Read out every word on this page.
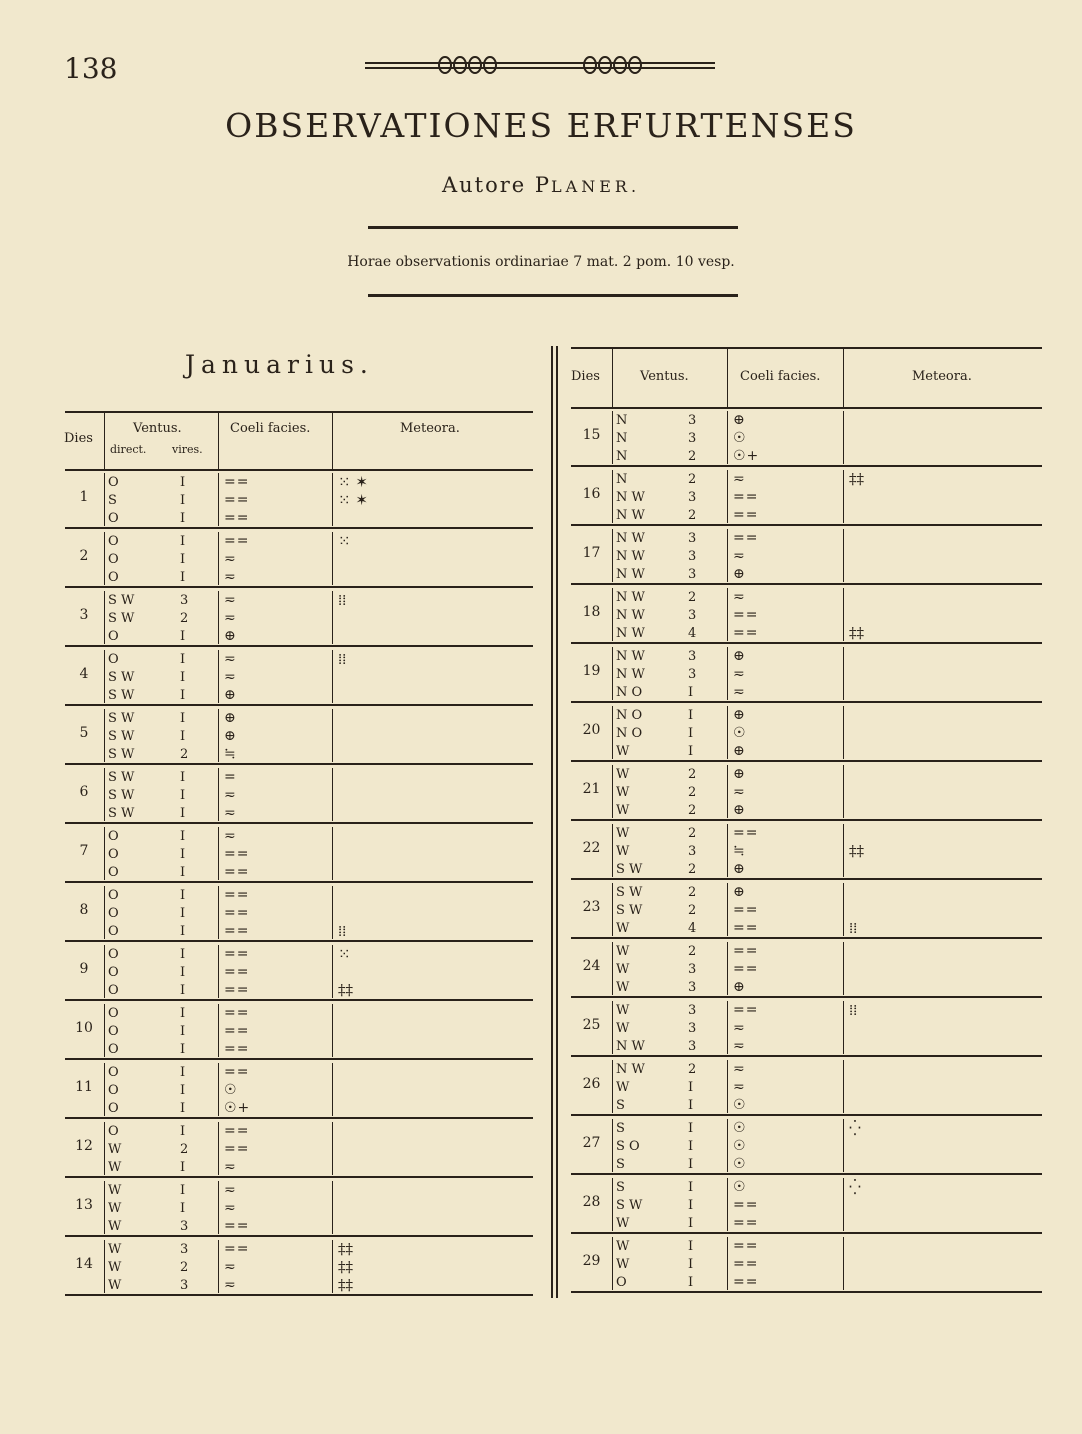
138
OBSERVATIONES ERFURTENSES
Autore PLANER.
Horae observationis ordinariae 7 mat. 2 pom. 10 vesp.
Januarius.
Dies
Ventus.
direct. vires.
Coeli facies.	Meteora.
1
O	I	==	⁙ ✶
S	I	==	⁙ ✶
O	I	==
2
O	I	==	⁙
O	I	≂
O	I	≂
3
S W	3	≂	⁞⁞
S W	2	≂
O	I	⊕
4
O	I	≂	⁞⁞
S W	I	≂
S W	I	⊕
5
S W	I	⊕
S W	I	⊕
S W	2	≒
6
S W	I	=
S W	I	≂
S W	I	≂
7
O	I	≂
O	I	==
O	I	==
8
O	I	==
O	I	==
O	I	==	⁞⁞
9
O	I	==	⁙
O	I	==
O	I	==	‡‡
10
O	I	==
O	I	==
O	I	==
11
O	I	==
O	I	☉
O	I	☉+
12
O	I	==
W	2	==
W	I	≂
13
W	I	≂
W	I	≂
W	3	==
14
W	3	==	‡‡
W	2	≂	‡‡
W	3	≂	‡‡
Dies	Ventus.	Coeli facies.	Meteora.
15
N	3	⊕
N	3	☉
N	2	☉+
16
N	2	≂	‡‡
N W	3	==
N W	2	==
17
N W	3	==
N W	3	≂
N W	3	⊕
18
N W	2	≂
N W	3	==
N W	4	==	‡‡
19
N W	3	⊕
N W	3	≂
N O	I	≂
20
N O	I	⊕
N O	I	☉
W	I	⊕
21
W	2	⊕
W	2	≂
W	2	⊕
22
W	2	==
W	3	≒	‡‡
S W	2	⊕
23
S W	2	⊕
S W	2	==
W	4	==	⁞⁞
24
W	2	==
W	3	==
W	3	⊕
25
W	3	==	⁞⁞
W	3	≂
N W	3	≂
26
N W	2	≂
W	I	≂
S	I	☉
27
S	I	☉	⁛
S O	I	☉
S	I	☉
28
S	I	☉	⁛
S W	I	==
W	I	==
29
W	I	==
W	I	==
O	I	==
